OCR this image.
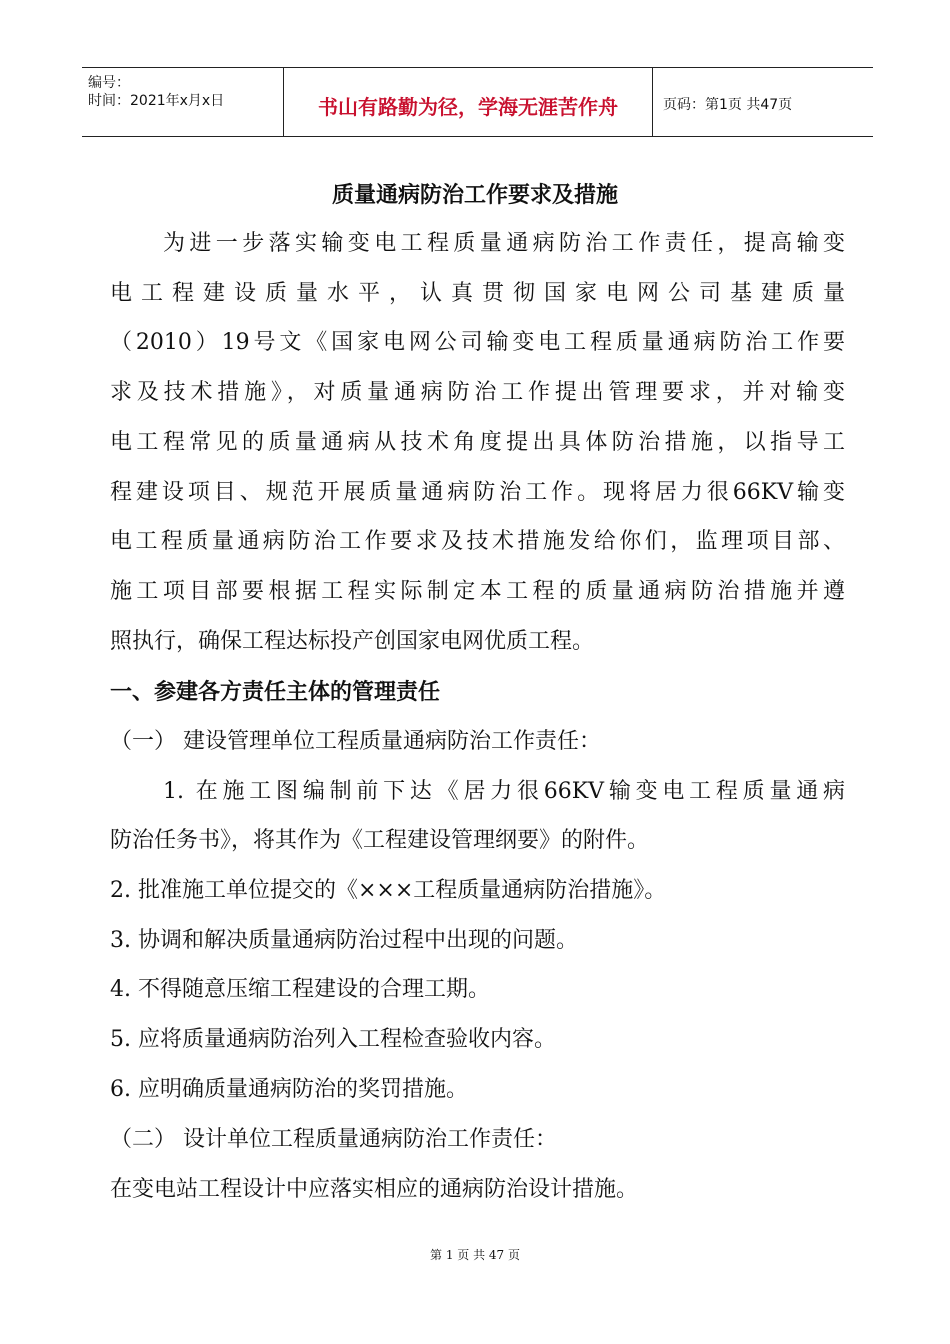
编号：
时间：2021年x月x日	书山有路勤为径，学海无涯苦作舟	页码：第1页 共47页
质量通病防治工作要求及措施
为进一步落实输变电工程质量通病防治工作责任，提高输变
电工程建设质量水平，认真贯彻国家电网公司基建质量
（2010）19号文《国家电网公司输变电工程质量通病防治工作要
求及技术措施》，对质量通病防治工作提出管理要求，并对输变
电工程常见的质量通病从技术角度提出具体防治措施，以指导工
程建设项目、规范开展质量通病防治工作。现将居力很66KV输变
电工程质量通病防治工作要求及技术措施发给你们，监理项目部、
施工项目部要根据工程实际制定本工程的质量通病防治措施并遵
照执行，确保工程达标投产创国家电网优质工程。
一、参建各方责任主体的管理责任
（一） 建设管理单位工程质量通病防治工作责任：
1. 在施工图编制前下达《居力很66KV输变电工程质量通病
防治任务书》，将其作为《工程建设管理纲要》的附件。
2. 批准施工单位提交的《×××工程质量通病防治措施》。
3. 协调和解决质量通病防治过程中出现的问题。
4. 不得随意压缩工程建设的合理工期。
5. 应将质量通病防治列入工程检查验收内容。
6. 应明确质量通病防治的奖罚措施。
（二） 设计单位工程质量通病防治工作责任：
在变电站工程设计中应落实相应的通病防治设计措施。
第 1 页 共 47 页
